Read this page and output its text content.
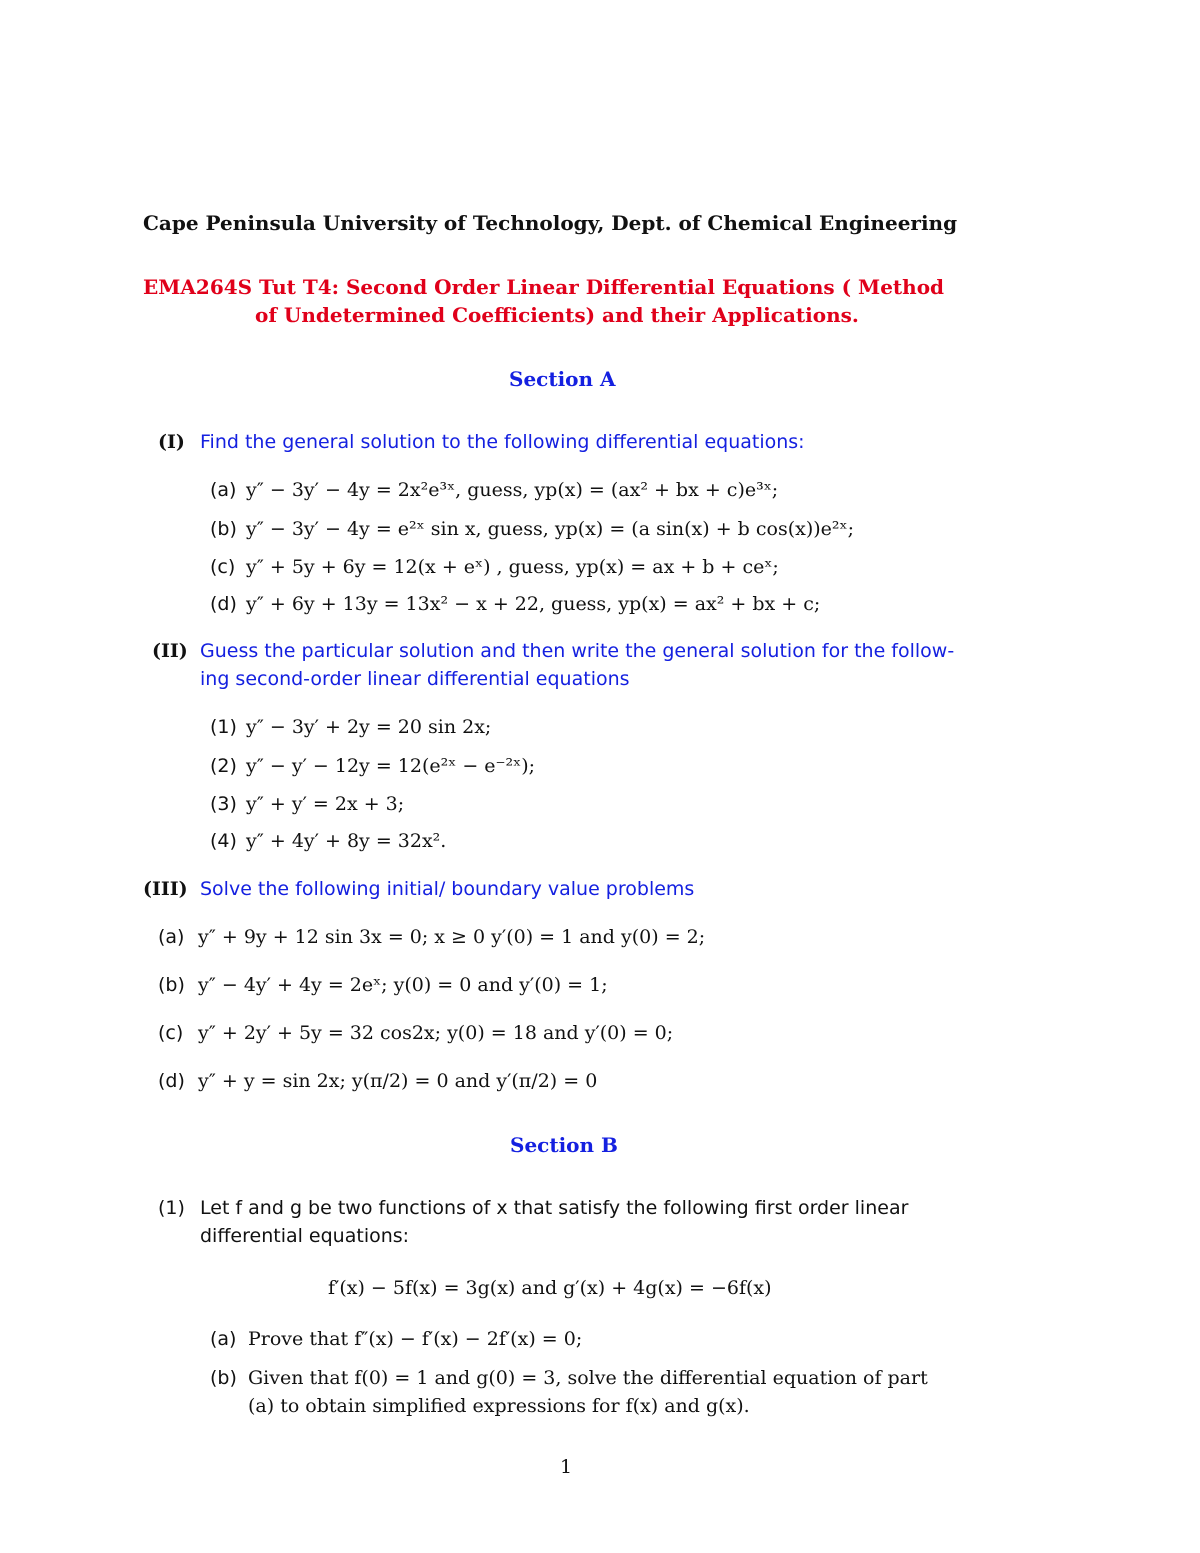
Cape Peninsula University of Technology, Dept. of Chemical Engineering
EMA264S Tut T4: Second Order Linear Differential Equations ( Method
of Undetermined Coefficients) and their Applications.
Section A
(I) Find the general solution to the following differential equations:
(a) y″ − 3y′ − 4y = 2x²e³ˣ, guess, yp(x) = (ax² + bx + c)e³ˣ;
(b) y″ − 3y′ − 4y = e²ˣ sin x, guess, yp(x) = (a sin(x) + b cos(x))e²ˣ;
(c) y″ + 5y + 6y = 12(x + eˣ) , guess, yp(x) = ax + b + ceˣ;
(d) y″ + 6y + 13y = 13x² − x + 22, guess, yp(x) = ax² + bx + c;
(II) Guess the particular solution and then write the general solution for the follow-
ing second-order linear differential equations
(1) y″ − 3y′ + 2y = 20 sin 2x;
(2) y″ − y′ − 12y = 12(e²ˣ − e⁻²ˣ);
(3) y″ + y′ = 2x + 3;
(4) y″ + 4y′ + 8y = 32x².
(III) Solve the following initial/ boundary value problems
(a) y″ + 9y + 12 sin 3x = 0; x ≥ 0 y′(0) = 1 and y(0) = 2;
(b) y″ − 4y′ + 4y = 2eˣ; y(0) = 0 and y′(0) = 1;
(c) y″ + 2y′ + 5y = 32 cos2x; y(0) = 18 and y′(0) = 0;
(d) y″ + y = sin 2x; y(π/2) = 0 and y′(π/2) = 0
Section B
(1) Let f and g be two functions of x that satisfy the following first order linear
differential equations:
f′(x) − 5f(x) = 3g(x) and g′(x) + 4g(x) = −6f(x)
(a) Prove that f″(x) − f′(x) − 2f′(x) = 0;
(b) Given that f(0) = 1 and g(0) = 3, solve the differential equation of part
(a) to obtain simplified expressions for f(x) and g(x).
1
